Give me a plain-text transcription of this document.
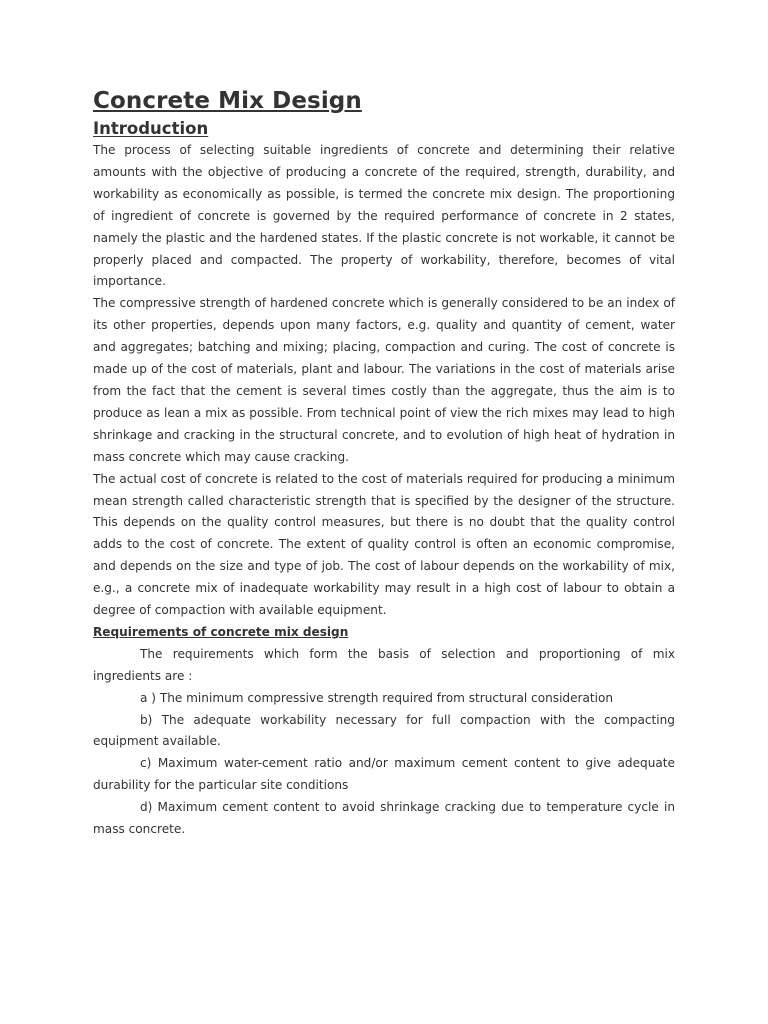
Concrete Mix Design
Introduction

The process of selecting suitable ingredients of concrete and determining their relative amounts with the objective of producing a concrete of the required, strength, durability, and workability as economically as possible, is termed the concrete mix design. The proportioning of ingredient of concrete is governed by the required performance of concrete in 2 states, namely the plastic and the hardened states. If the plastic concrete is not workable, it cannot be properly placed and compacted. The property of workability, therefore, becomes of vital importance.

The compressive strength of hardened concrete which is generally considered to be an index of its other properties, depends upon many factors, e.g. quality and quantity of cement, water and aggregates; batching and mixing; placing, compaction and curing. The cost of concrete is made up of the cost of materials, plant and labour. The variations in the cost of materials arise from the fact that the cement is several times costly than the aggregate, thus the aim is to produce as lean a mix as possible. From technical point of view the rich mixes may lead to high shrinkage and cracking in the structural concrete, and to evolution of high heat of hydration in mass concrete which may cause cracking.

The actual cost of concrete is related to the cost of materials required for producing a minimum mean strength called characteristic strength that is specified by the designer of the structure. This depends on the quality control measures, but there is no doubt that the quality control adds to the cost of concrete. The extent of quality control is often an economic compromise, and depends on the size and type of job. The cost of labour depends on the workability of mix, e.g., a concrete mix of inadequate workability may result in a high cost of labour to obtain a degree of compaction with available equipment.

Requirements of concrete mix design

The requirements which form the basis of selection and proportioning of mix ingredients are :

a ) The minimum compressive strength required from structural consideration

b) The adequate workability necessary for full compaction with the compacting equipment available.

c) Maximum water-cement ratio and/or maximum cement content to give adequate durability for the particular site conditions

d) Maximum cement content to avoid shrinkage cracking due to temperature cycle in mass concrete.
